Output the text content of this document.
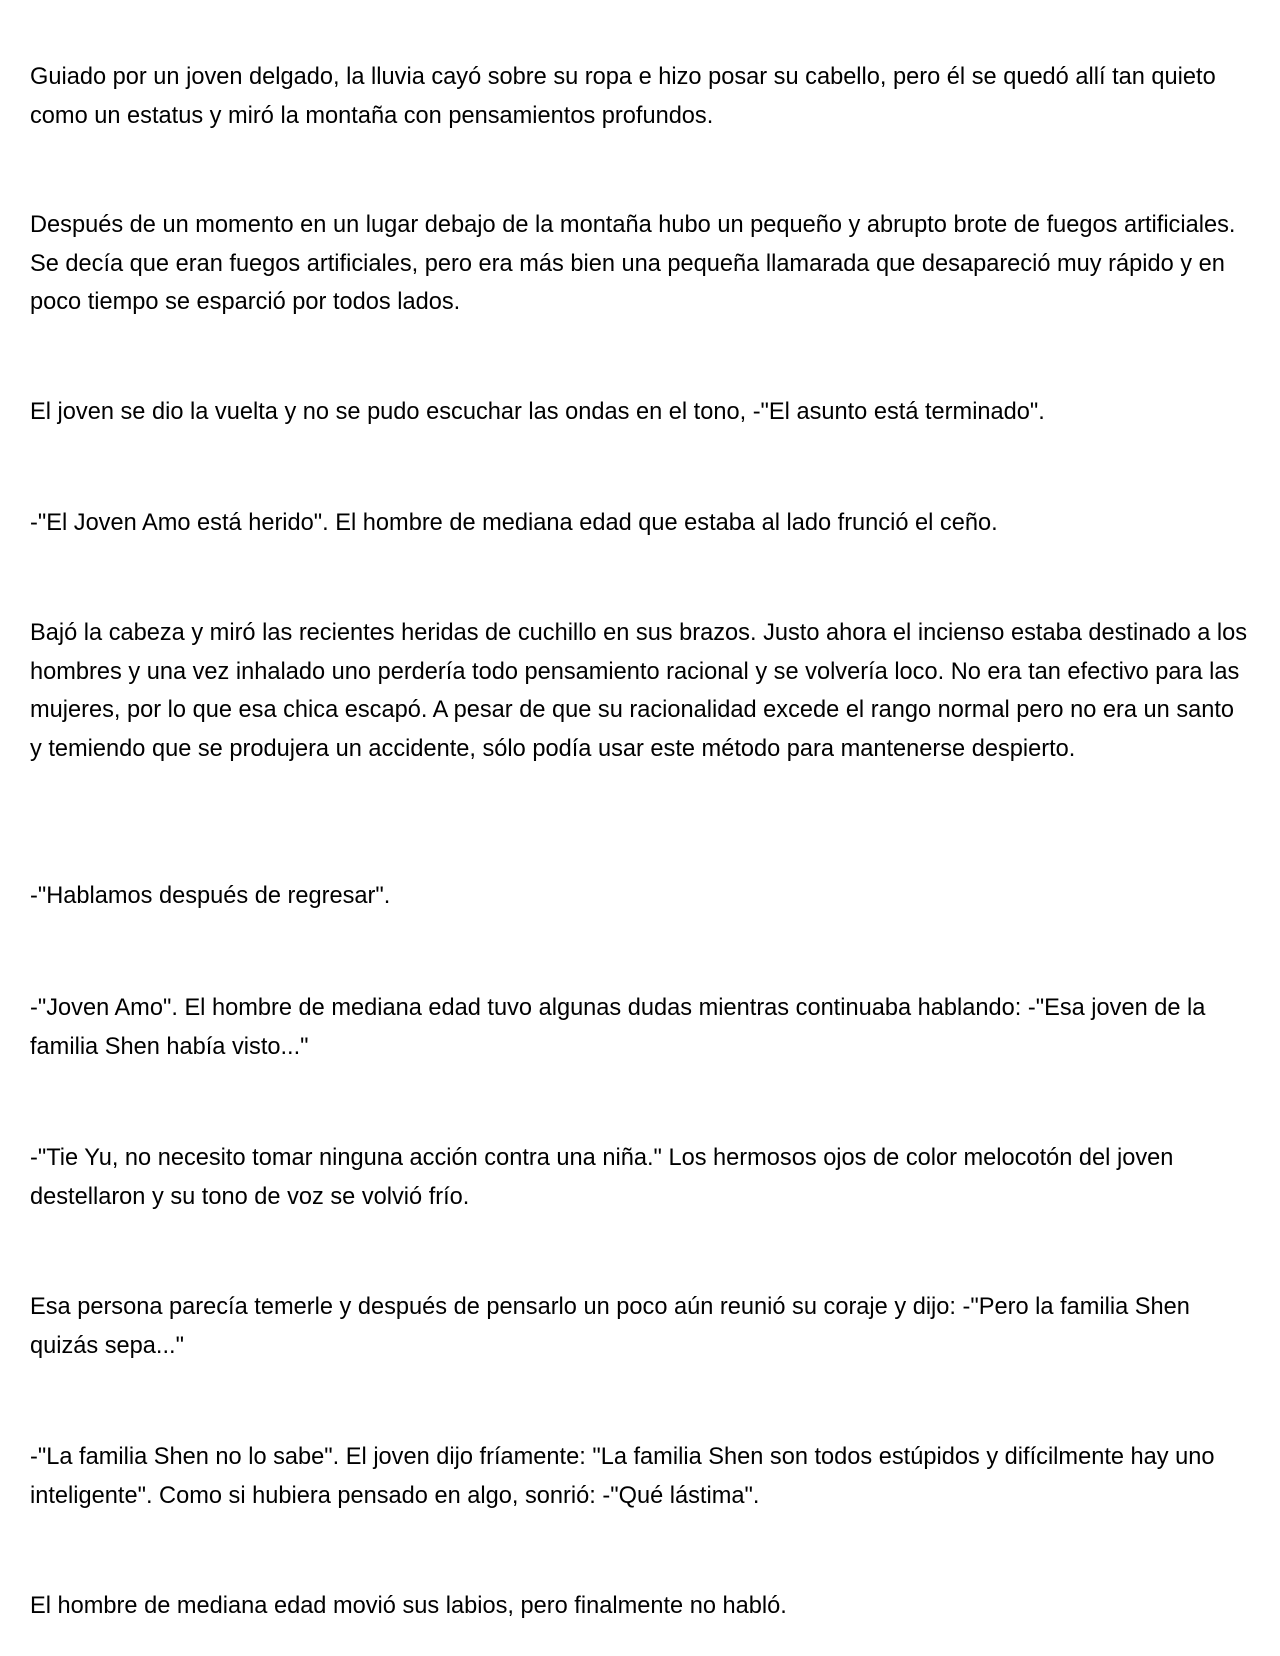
Guiado por un joven delgado, la lluvia cayó sobre su ropa e hizo posar su cabello, pero él se quedó allí tan quieto como un estatus y miró la montaña con pensamientos profundos.

Después de un momento en un lugar debajo de la montaña hubo un pequeño y abrupto brote de fuegos artificiales. Se decía que eran fuegos artificiales, pero era más bien una pequeña llamarada que desapareció muy rápido y en poco tiempo se esparció por todos lados.

El joven se dio la vuelta y no se pudo escuchar las ondas en el tono, -"El asunto está terminado".

-"El Joven Amo está herido". El hombre de mediana edad que estaba al lado frunció el ceño.

Bajó la cabeza y miró las recientes heridas de cuchillo en sus brazos. Justo ahora el incienso estaba destinado a los hombres y una vez inhalado uno perdería todo pensamiento racional y se volvería loco. No era tan efectivo para las mujeres, por lo que esa chica escapó. A pesar de que su racionalidad excede el rango normal pero no era un santo y temiendo que se produjera un accidente, sólo podía usar este método para mantenerse despierto.

-"Hablamos después de regresar".

-"Joven Amo". El hombre de mediana edad tuvo algunas dudas mientras continuaba hablando: -"Esa joven de la familia Shen había visto..."

-"Tie Yu, no necesito tomar ninguna acción contra una niña." Los hermosos ojos de color melocotón del joven destellaron y su tono de voz se volvió frío.

Esa persona parecía temerle y después de pensarlo un poco aún reunió su coraje y dijo: -"Pero la familia Shen quizás sepa..."

-"La familia Shen no lo sabe". El joven dijo fríamente: "La familia Shen son todos estúpidos y difícilmente hay uno inteligente". Como si hubiera pensado en algo, sonrió: -"Qué lástima".

El hombre de mediana edad movió sus labios, pero finalmente no habló.
